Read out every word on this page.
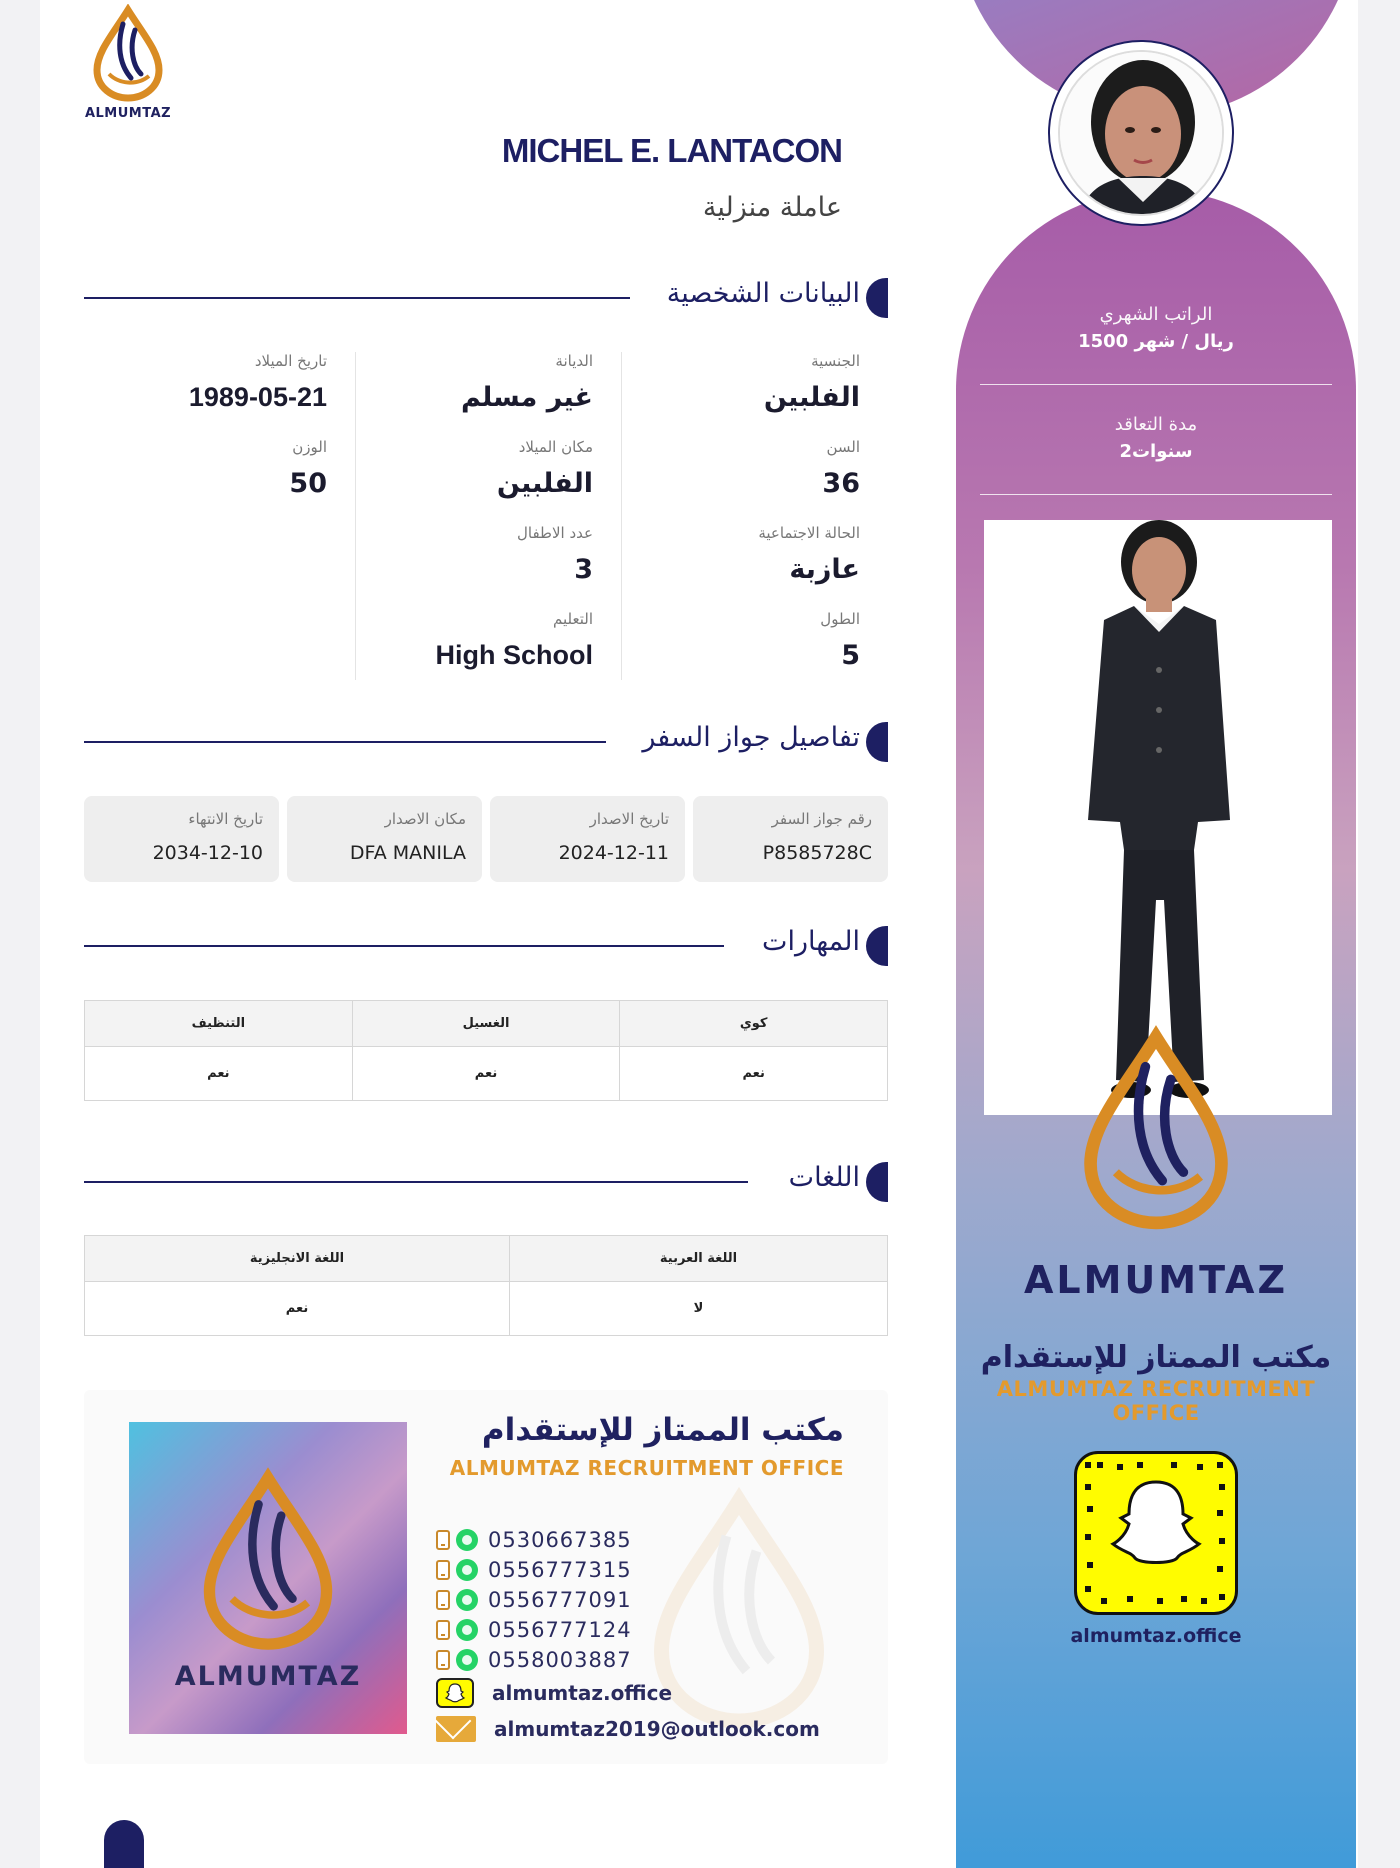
ALMUMTAZ
MICHEL E. LANTACON
عاملة منزلية
البيانات الشخصية
الجنسية
الفلبين
السن
36
الحالة الاجتماعية
عازبة
الطول
5
الديانة
غير مسلم
مكان الميلاد
الفلبين
عدد الاطفال
3
التعليم
High School
تاريخ الميلاد
1989-05-21
الوزن
50
تفاصيل جواز السفر
رقم جواز السفر
P8585728C
تاريخ الاصدار
2024-12-11
مكان الاصدار
DFA MANILA
تاريخ الانتهاء
2034-12-10
المهارات
كوي	الغسيل	التنظيف
نعم	نعم	نعم
اللغات
اللغة العربية	اللغة الانجليزية
لا	نعم
ALMUMTAZ
مكتب الممتاز للإستقدام
ALMUMTAZ RECRUITMENT OFFICE
0530667385
0556777315
0556777091
0556777124
0558003887
almumtaz.office
almumtaz2019@outlook.com
الراتب الشهري
1500 ريال / شهر
مدة التعاقد
2سنوات
ALMUMTAZ
مكتب الممتاز للإستقدام
ALMUMTAZ RECRUITMENT OFFICE
almumtaz.office
